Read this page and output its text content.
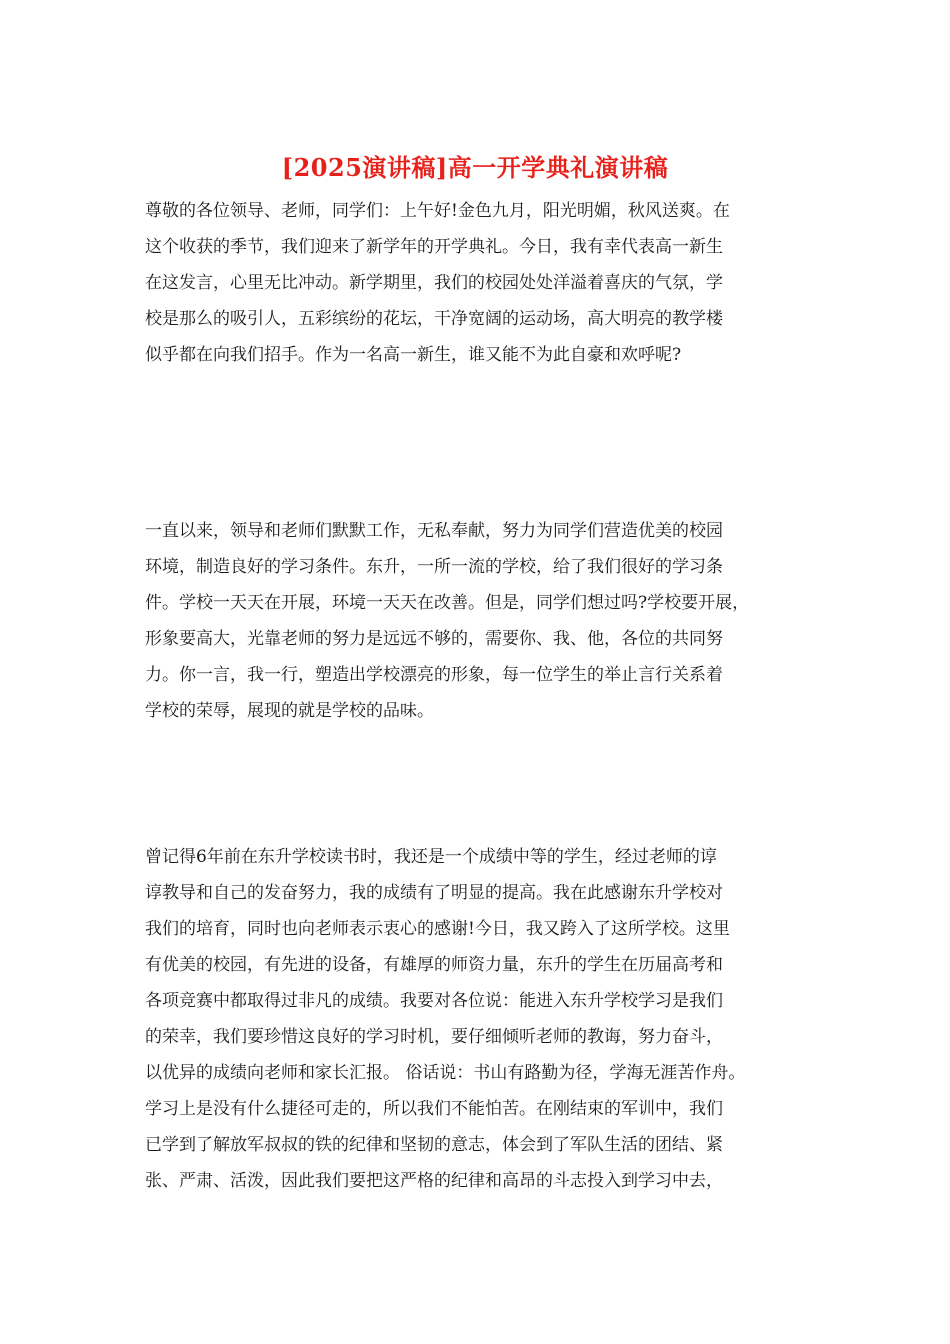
[2025演讲稿]高一开学典礼演讲稿

尊敬的各位领导、老师，同学们：上午好!金色九月，阳光明媚，秋风送爽。在

这个收获的季节，我们迎来了新学年的开学典礼。今日，我有幸代表高一新生

在这发言，心里无比冲动。新学期里，我们的校园处处洋溢着喜庆的气氛，学

校是那么的吸引人，五彩缤纷的花坛，干净宽阔的运动场，高大明亮的教学楼

似乎都在向我们招手。作为一名高一新生，谁又能不为此自豪和欢呼呢?

一直以来，领导和老师们默默工作，无私奉献，努力为同学们营造优美的校园

环境，制造良好的学习条件。东升，一所一流的学校，给了我们很好的学习条

件。学校一天天在开展，环境一天天在改善。但是，同学们想过吗?学校要开展，

形象要高大，光靠老师的努力是远远不够的，需要你、我、他，各位的共同努

力。你一言，我一行，塑造出学校漂亮的形象，每一位学生的举止言行关系着

学校的荣辱，展现的就是学校的品味。

曾记得6年前在东升学校读书时，我还是一个成绩中等的学生，经过老师的谆

谆教导和自己的发奋努力，我的成绩有了明显的提高。我在此感谢东升学校对

我们的培育，同时也向老师表示衷心的感谢!今日，我又跨入了这所学校。这里

有优美的校园，有先进的设备，有雄厚的师资力量，东升的学生在历届高考和

各项竞赛中都取得过非凡的成绩。我要对各位说：能进入东升学校学习是我们

的荣幸，我们要珍惜这良好的学习时机，要仔细倾听老师的教诲，努力奋斗，

以优异的成绩向老师和家长汇报。 俗话说：书山有路勤为径，学海无涯苦作舟。

学习上是没有什么捷径可走的，所以我们不能怕苦。在刚结束的军训中，我们

已学到了解放军叔叔的铁的纪律和坚韧的意志，体会到了军队生活的团结、紧

张、严肃、活泼，因此我们要把这严格的纪律和高昂的斗志投入到学习中去，
